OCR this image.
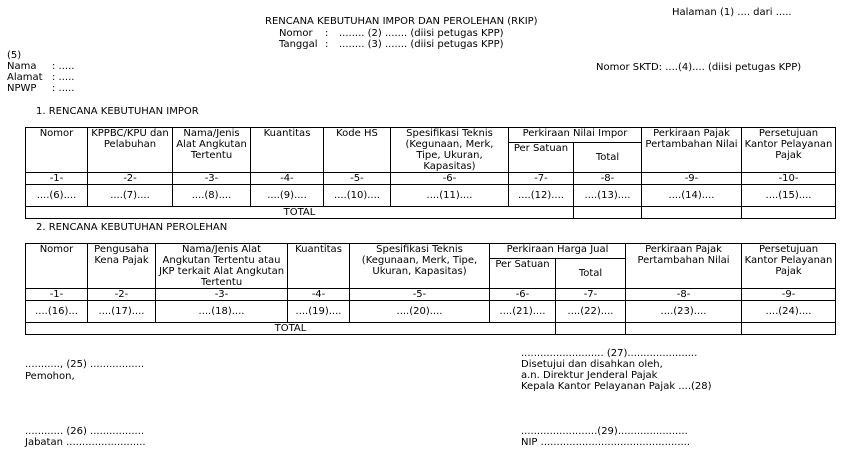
Halaman (1) .... dari .....
RENCANA KEBUTUHAN IMPOR DAN PEROLEHAN (RKIP)
Nomor : ........ (2) ....... (diisi petugas KPP)
Tanggal : ........ (3) ....... (diisi petugas KPP)
(5)
Nama : .....
Alamat : .....
NPWP : .....
Nomor SKTD: ....(4).... (diisi petugas KPP)
1. RENCANA KEBUTUHAN IMPOR
Nomor	KPPBC/KPU dan Pelabuhan	Nama/Jenis Alat Angkutan Tertentu	Kuantitas	Kode HS	Spesifikasi Teknis (Kegunaan, Merk, Tipe, Ukuran, Kapasitas)	Perkiraan Nilai Impor		Perkiraan Pajak Pertambahan Nilai	Persetujuan Kantor Pelayanan Pajak
						Per Satuan	Total		
-1-	-2-	-3-	-4-	-5-	-6-	-7-	-8-	-9-	-10-
....(6)....	....(7)....	....(8)....	....(9)....	....(10)....	....(11)....	....(12)....	....(13)....	....(14)....	....(15)....
TOTAL									
2. RENCANA KEBUTUHAN PEROLEHAN
Nomor	Pengusaha Kena Pajak	Nama/Jenis Alat Angkutan Tertentu atau JKP terkait Alat Angkutan Tertentu	Kuantitas	Spesifikasi Teknis (Kegunaan, Merk, Tipe, Ukuran, Kapasitas)	Perkiraan Harga Jual		Perkiraan Pajak Pertambahan Nilai	Persetujuan Kantor Pelayanan Pajak
					Per Satuan	Total		
-1-	-2-	-3-	-4-	-5-	-6-	-7-	-8-	-9-
....(16)...	....(17)....	....(18)....	....(19)....	....(20)....	....(21)....	....(22)....	....(23)....	....(24)....
TOTAL								
..........., (25) .................
Pemohon,
............ (26) .................
Jabatan .........................
.......................... (27)......................
Disetujui dan disahkan oleh,
a.n. Direktur Jenderal Pajak
Kepala Kantor Pelayanan Pajak ....(28)
........................(29)......................
NIP ...............................................
